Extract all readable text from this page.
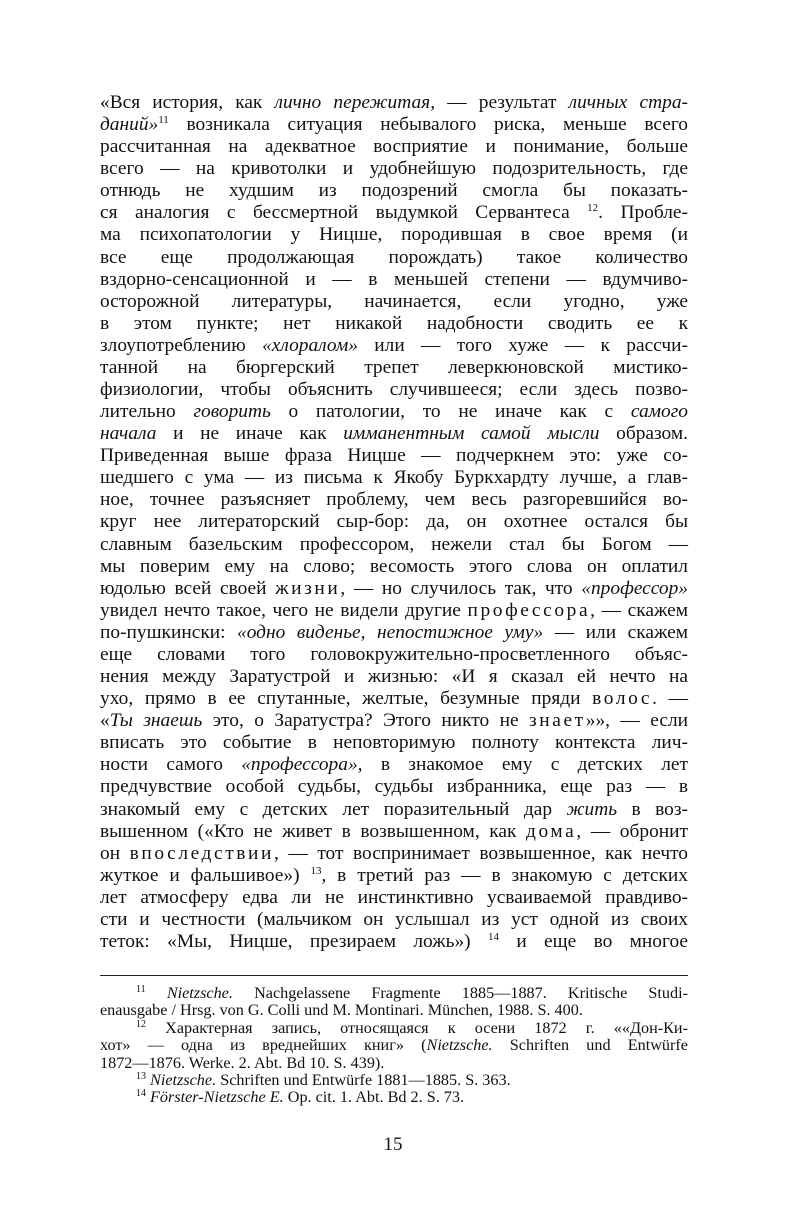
«Вся история, как лично пережитая, — результат личных стра-
даний»$^{11}$ возникала ситуация небывалого риска, меньше всего
рассчитанная на адекватное восприятие и понимание, больше
всего — на кривотолки и удобнейшую подозрительность, где
отнюдь не худшим из подозрений смогла бы показать-
ся аналогия с бессмертной выдумкой Сервантеса $^{12}$. Пробле-
ма психопатологии у Ницше, породившая в свое время (и
все еще продолжающая порождать) такое количество
вздорно-сенсационной и — в меньшей степени — вдумчиво-
осторожной литературы, начинается, если угодно, уже
в этом пункте; нет никакой надобности сводить ее к
злоупотреблению «хлоралом» или — того хуже — к рассчи-
танной на бюргерский трепет леверкюновской мистико-
физиологии, чтобы объяснить случившееся; если здесь позво-
лительно говорить о патологии, то не иначе как с самого
начала и не иначе как имманентным самой мысли образом.
Приведенная выше фраза Ницше — подчеркнем это: уже со-
шедшего с ума — из письма к Якобу Буркхардту лучше, а глав-
ное, точнее разъясняет проблему, чем весь разгоревшийся во-
круг нее литераторский сыр-бор: да, он охотнее остался бы
славным базельским профессором, нежели стал бы Богом —
мы поверим ему на слово; весомость этого слова он оплатил
юдолью всей своей жизни, — но случилось так, что «профессор»
увидел нечто такое, чего не видели другие профессора, — скажем
по-пушкински: «одно виденье, непостижное уму» — или скажем
еще словами того головокружительно-просветленного объяс-
нения между Заратустрой и жизнью: «И я сказал ей нечто на
ухо, прямо в ее спутанные, желтые, безумные пряди волос. —
«Ты знаешь это, о Заратустра? Этого никто не знает»», — если
вписать это событие в неповторимую полноту контекста лич-
ности самого «профессора», в знакомое ему с детских лет
предчувствие особой судьбы, судьбы избранника, еще раз — в
знакомый ему с детских лет поразительный дар жить в воз-
вышенном («Кто не живет в возвышенном, как дома, — обронит
он впоследствии, — тот воспринимает возвышенное, как нечто
жуткое и фальшивое») $^{13}$, в третий раз — в знакомую с детских
лет атмосферу едва ли не инстинктивно усваиваемой правдиво-
сти и честности (мальчиком он услышал из уст одной из своих
теток: «Мы, Ницше, презираем ложь») $^{14}$ и еще во многое
$^{11}$ Nietzsche. Nachgelassene Fragmente 1885—1887. Kritische Studi-
enausgabe / Hrsg. von G. Colli und M. Montinari. München, 1988. S. 400.
$^{12}$ Характерная запись, относящаяся к осени 1872 г. ««Дон-Ки-
хот» — одна из вреднейших книг» (Nietzsche. Schriften und Entwürfe
1872—1876. Werke. 2. Abt. Bd 10. S. 439).
$^{13}$ Nietzsche. Schriften und Entwürfe 1881—1885. S. 363.
$^{14}$ Förster-Nietzsche E. Op. cit. 1. Abt. Bd 2. S. 73.
15
